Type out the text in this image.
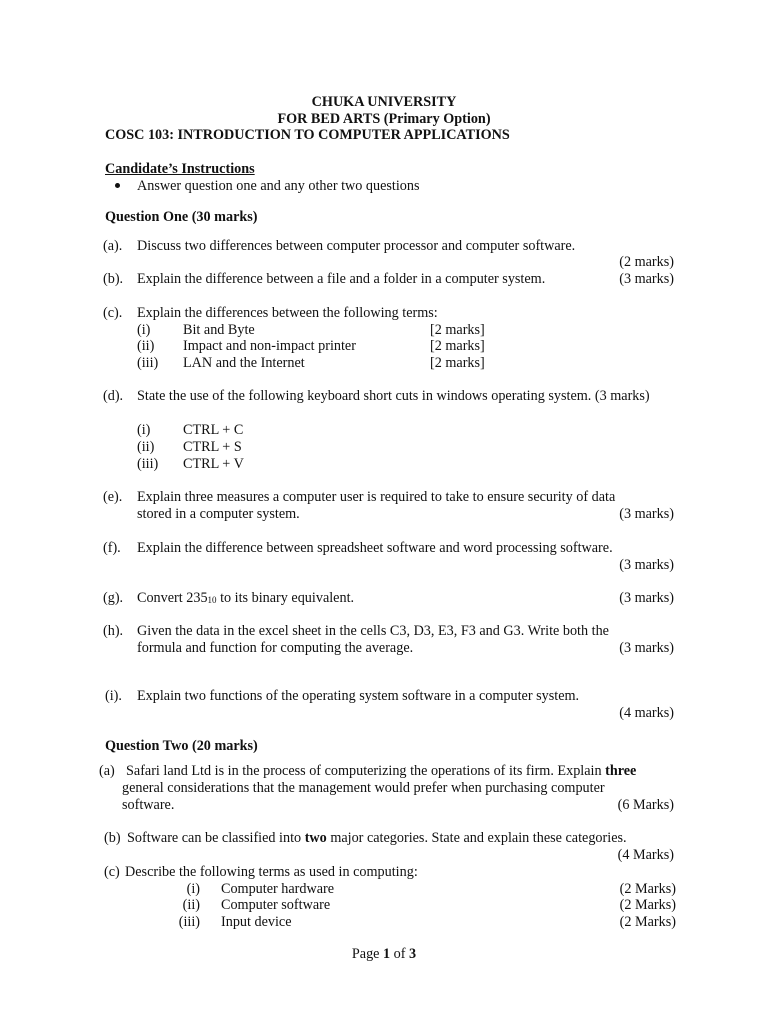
CHUKA UNIVERSITY
FOR BED ARTS (Primary Option)
COSC 103: INTRODUCTION TO COMPUTER APPLICATIONS
Candidate’s Instructions
Answer question one and any other two questions
Question One (30 marks)
(a). Discuss two differences between computer processor and computer software.
(2 marks)
(b). Explain the difference between a file and a folder in a computer system.	(3 marks)
(c). Explain the differences between the following terms:
(i) Bit and Byte	[2 marks]
(ii) Impact and non-impact printer	[2 marks]
(iii) LAN and the Internet	[2 marks]
(d). State the use of the following keyboard short cuts in windows operating system. (3 marks)
(i) CTRL + C
(ii) CTRL + S
(iii) CTRL + V
(e). Explain three measures a computer user is required to take to ensure security of data
stored in a computer system.	(3 marks)
(f). Explain the difference between spreadsheet software and word processing software.
(3 marks)
(g). Convert $235_{10}$ to its binary equivalent.	(3 marks)
(h). Given the data in the excel sheet in the cells C3, D3, E3, F3 and G3. Write both the
formula and function for computing the average.	(3 marks)
(i). Explain two functions of the operating system software in a computer system.
(4 marks)
Question Two (20 marks)
(a) Safari land Ltd is in the process of computerizing the operations of its firm. Explain three
general considerations that the management would prefer when purchasing computer
software.	(6 Marks)
(b) Software can be classified into two major categories. State and explain these categories.
(4 Marks)
(c) Describe the following terms as used in computing:
(i) Computer hardware	(2 Marks)
(ii) Computer software	(2 Marks)
(iii) Input device	(2 Marks)
Page 1 of 3
